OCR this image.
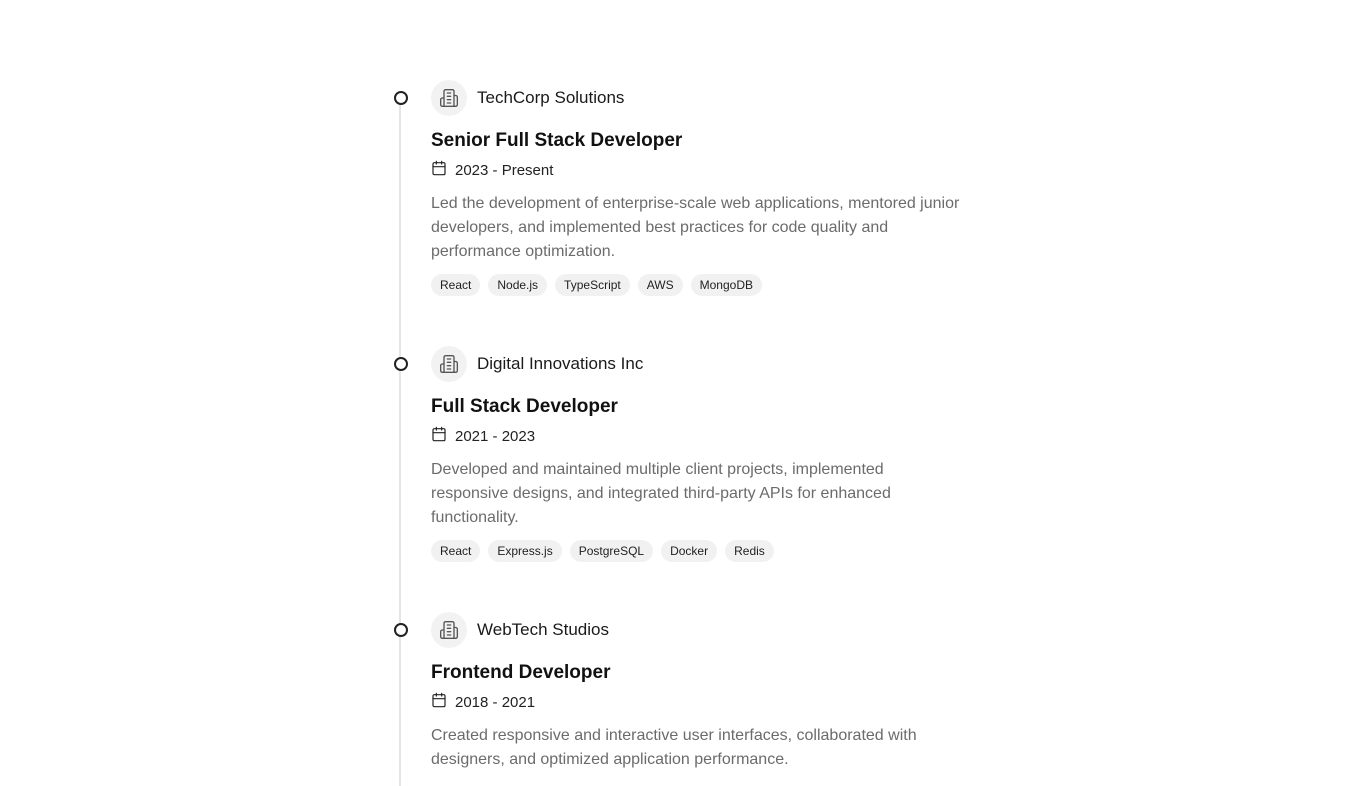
TechCorp Solutions
Senior Full Stack Developer
2023 - Present
Led the development of enterprise-scale web applications, mentored junior developers, and implemented best practices for code quality and performance optimization.
React	Node.js	TypeScript	AWS	MongoDB
Digital Innovations Inc
Full Stack Developer
2021 - 2023
Developed and maintained multiple client projects, implemented responsive designs, and integrated third-party APIs for enhanced functionality.
React	Express.js	PostgreSQL	Docker	Redis
WebTech Studios
Frontend Developer
2018 - 2021
Created responsive and interactive user interfaces, collaborated with designers, and optimized application performance.
